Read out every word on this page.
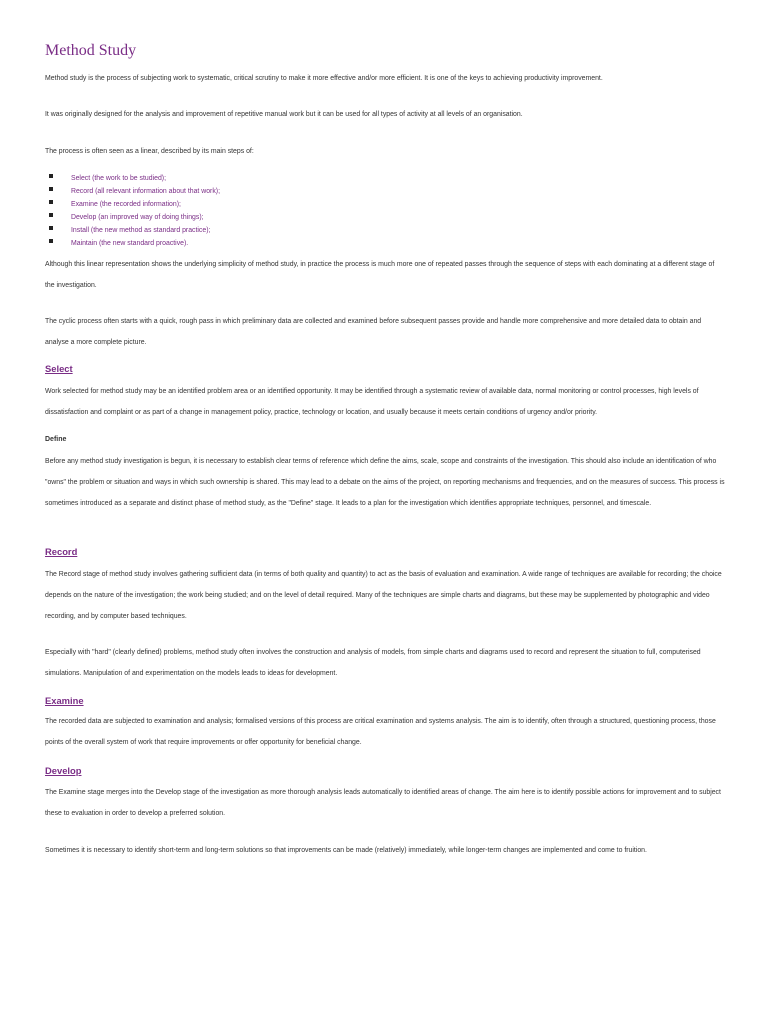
Method Study

Method study is the process of subjecting work to systematic, critical scrutiny to make it more effective and/or more efficient. It is one of the keys to achieving productivity improvement.

It was originally designed for the analysis and improvement of repetitive manual work but it can be used for all types of activity at all levels of an organisation.

The process is often seen as a linear, described by its main steps of:

Select (the work to be studied);
Record (all relevant information about that work);
Examine (the recorded information);
Develop (an improved way of doing things);
Install (the new method as standard practice);
Maintain (the new standard proactive).

Although this linear representation shows the underlying simplicity of method study, in practice the process is much more one of repeated passes through the sequence of steps with each dominating at a different stage of the investigation.

The cyclic process often starts with a quick, rough pass in which preliminary data are collected and examined before subsequent passes provide and handle more comprehensive and more detailed data to obtain and analyse a more complete picture.

Select

Work selected for method study may be an identified problem area or an identified opportunity. It may be identified through a systematic review of available data, normal monitoring or control processes, high levels of dissatisfaction and complaint or as part of a change in management policy, practice, technology or location, and usually because it meets certain conditions of urgency and/or priority.

Define

Before any method study investigation is begun, it is necessary to establish clear terms of reference which define the aims, scale, scope and constraints of the investigation. This should also include an identification of who "owns" the problem or situation and ways in which such ownership is shared. This may lead to a debate on the aims of the project, on reporting mechanisms and frequencies, and on the measures of success. This process is sometimes introduced as a separate and distinct phase of method study, as the "Define" stage. It leads to a plan for the investigation which identifies appropriate techniques, personnel, and timescale.

Record

The Record stage of method study involves gathering sufficient data (in terms of both quality and quantity) to act as the basis of evaluation and examination. A wide range of techniques are available for recording; the choice depends on the nature of the investigation; the work being studied; and on the level of detail required. Many of the techniques are simple charts and diagrams, but these may be supplemented by photographic and video recording, and by computer based techniques.

Especially with "hard" (clearly defined) problems, method study often involves the construction and analysis of models, from simple charts and diagrams used to record and represent the situation to full, computerised simulations. Manipulation of and experimentation on the models leads to ideas for development.

Examine

The recorded data are subjected to examination and analysis; formalised versions of this process are critical examination and systems analysis. The aim is to identify, often through a structured, questioning process, those points of the overall system of work that require improvements or offer opportunity for beneficial change.

Develop

The Examine stage merges into the Develop stage of the investigation as more thorough analysis leads automatically to identified areas of change. The aim here is to identify possible actions for improvement and to subject these to evaluation in order to develop a preferred solution.

Sometimes it is necessary to identify short-term and long-term solutions so that improvements can be made (relatively) immediately, while longer-term changes are implemented and come to fruition.
